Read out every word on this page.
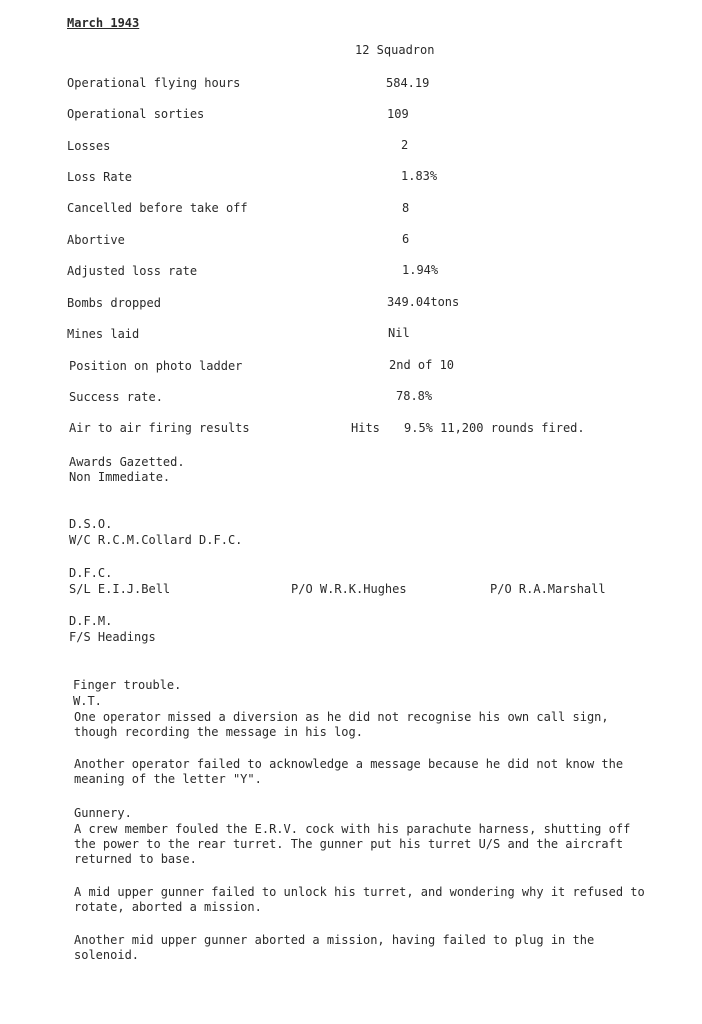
March 1943
12 Squadron
Operational flying hours	584.19
Operational sorties	109
Losses	2
Loss Rate	1.83%
Cancelled before take off	8
Abortive	6
Adjusted loss rate	1.94%
Bombs dropped	349.04tons
Mines laid	Nil
Position on photo ladder	2nd of 10
Success rate.	78.8%
Air to air firing results	Hits 9.5% 11,200 rounds fired.
Awards Gazetted.
Non Immediate.
D.S.O.
W/C R.C.M.Collard D.F.C.
D.F.C.
S/L E.I.J.Bell	P/O W.R.K.Hughes	P/O R.A.Marshall
D.F.M.
F/S Headings
Finger trouble.
W.T.
One operator missed a diversion as he did not recognise his own call sign,
though recording the message in his log.
Another operator failed to acknowledge a message because he did not know the
meaning of the letter "Y".
Gunnery.
A crew member fouled the E.R.V. cock with his parachute harness, shutting off
the power to the rear turret. The gunner put his turret U/S and the aircraft
returned to base.
A mid upper gunner failed to unlock his turret, and wondering why it refused to
rotate, aborted a mission.
Another mid upper gunner aborted a mission, having failed to plug in the
solenoid.
